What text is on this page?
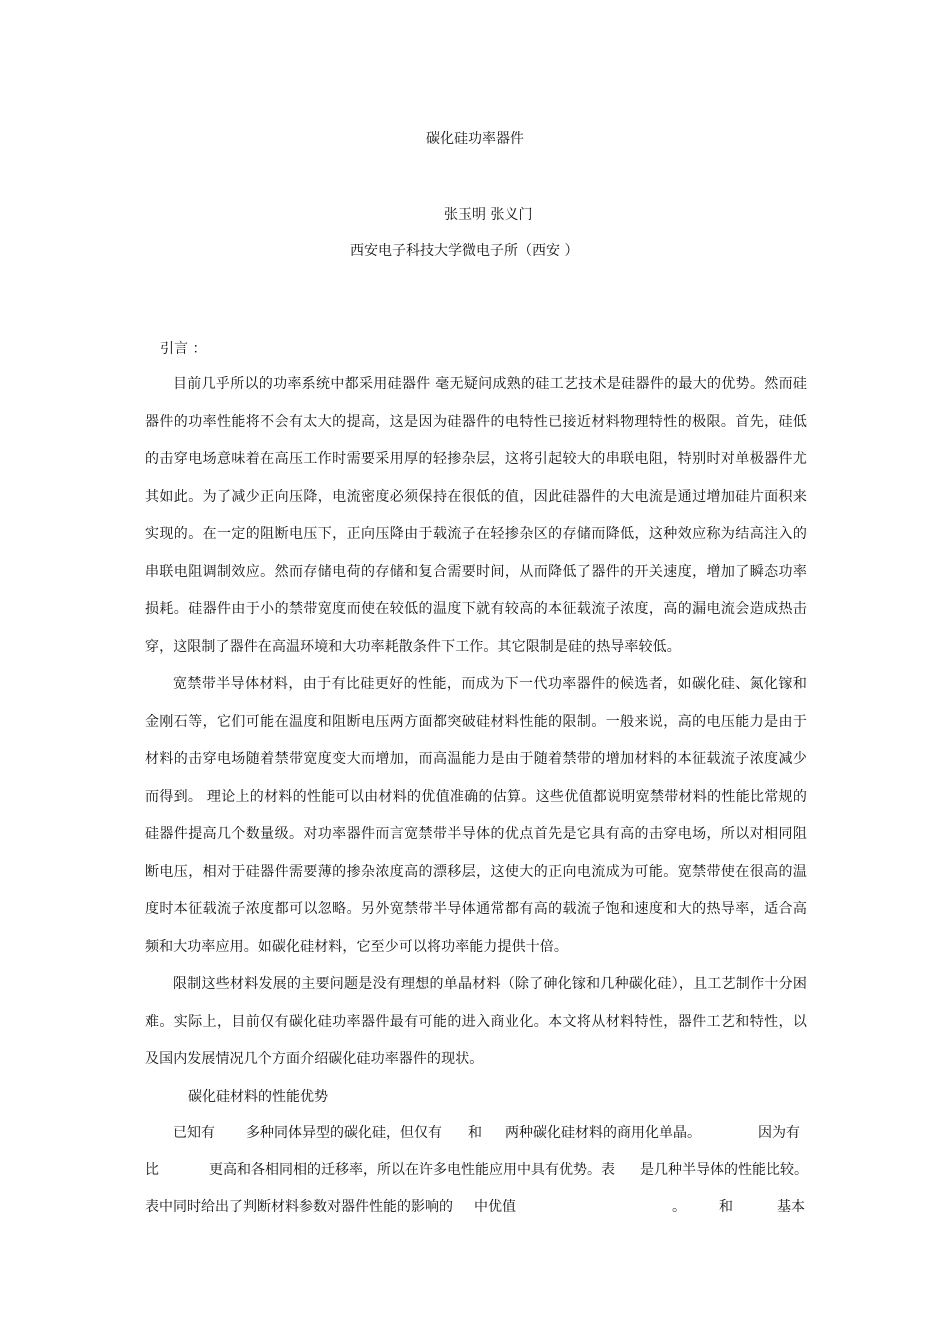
碳化硅功率器件
张玉明 张义门
西安电子科技大学微电子所（西安 ）
引言 ：
目前几乎所以的功率系统中都采用硅器件 毫无疑问成熟的硅工艺技术是硅器件的最大的优势。然而硅器件的功率性能将不会有太大的提高，这是因为硅器件的电特性已接近材料物理特性的极限。首先，硅低的击穿电场意味着在高压工作时需要采用厚的轻掺杂层，这将引起较大的串联电阻，特别时对单极器件尤其如此。为了减少正向压降，电流密度必须保持在很低的值，因此硅器件的大电流是通过增加硅片面积来实现的。在一定的阻断电压下，正向压降由于载流子在轻掺杂区的存储而降低，这种效应称为结高注入的串联电阻调制效应。然而存储电荷的存储和复合需要时间，从而降低了器件的开关速度，增加了瞬态功率损耗。硅器件由于小的禁带宽度而使在较低的温度下就有较高的本征载流子浓度，高的漏电流会造成热击穿，这限制了器件在高温环境和大功率耗散条件下工作。其它限制是硅的热导率较低。
宽禁带半导体材料，由于有比硅更好的性能，而成为下一代功率器件的候选者，如碳化硅、氮化镓和金刚石等，它们可能在温度和阻断电压两方面都突破硅材料性能的限制。一般来说，高的电压能力是由于材料的击穿电场随着禁带宽度变大而增加，而高温能力是由于随着禁带的增加材料的本征载流子浓度减少而得到。 理论上的材料的性能可以由材料的优值准确的估算。这些优值都说明宽禁带材料的性能比常规的硅器件提高几个数量级。对功率器件而言宽禁带半导体的优点首先是它具有高的击穿电场，所以对相同阻断电压，相对于硅器件需要薄的掺杂浓度高的漂移层，这使大的正向电流成为可能。宽禁带使在很高的温度时本征载流子浓度都可以忽略。另外宽禁带半导体通常都有高的载流子饱和速度和大的热导率，适合高频和大功率应用。如碳化硅材料，它至少可以将功率能力提供十倍。
限制这些材料发展的主要问题是没有理想的单晶材料（除了砷化镓和几种碳化硅），且工艺制作十分困难。实际上，目前仅有碳化硅功率器件最有可能的进入商业化。本文将从材料特性，器件工艺和特性，以及国内发展情况几个方面介绍碳化硅功率器件的现状。
碳化硅材料的性能优势
已知有 多种同体异型的碳化硅，但仅有 和 两种碳化硅材料的商用化单晶。	因为有
比	更高和各相同相的迁移率，所以在许多电性能应用中具有优势。表 是几种半导体的性能比较。
表中同时给出了判断材料参数对器件性能的影响的 中优值	。 和	基本
